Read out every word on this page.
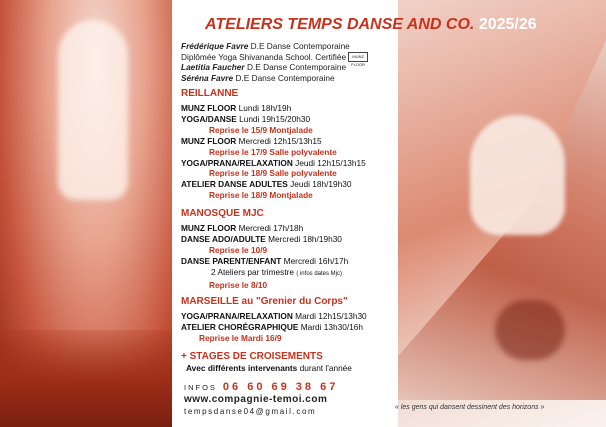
ATELIERS TEMPS DANSE AND CO. 2025/26
Frédérique Favre D.E Danse Contemporaine
Diplômée Yoga Shivananda School. Certifiée MUNZ FLOOR
Laetitia Faucher D.E Danse Contemporaine
Séréna Favre D.E Danse Contemporaine
REILLANNE
MUNZ FLOOR Lundi 18h/19h
YOGA/DANSE Lundi 19h15/20h30
Reprise le 15/9 Montjalade
MUNZ FLOOR Mercredi 12h15/13h15
Reprise le 17/9 Salle polyvalente
YOGA/PRANA/RELAXATION Jeudi 12h15/13h15
Reprise le 18/9 Salle polyvalente
ATELIER DANSE ADULTES Jeudi 18h/19h30
Reprise le 18/9 Montjalade
MANOSQUE MJC
MUNZ FLOOR Mercredi 17h/18h
DANSE ADO/ADULTE Mercredi 18h/19h30
Reprise le 10/9
DANSE PARENT/ENFANT Mercredi 16h/17h
2 Ateliers par trimestre ( infos dates Mjc)
Reprise le 8/10
MARSEILLE au "Grenier du Corps"
YOGA/PRANA/RELAXATION Mardi 12h15/13h30
ATELIER CHORÉGRAPHIQUE Mardi 13h30/16h
Reprise le Mardi 16/9
+ STAGES DE CROISEMENTS
Avec différents intervenants durant l'année
INFOS 06 60 69 38 67
www.compagnie-temoi.com
tempsdanse04@gmail.com	« les gens qui dansent dessinent des horizons »
